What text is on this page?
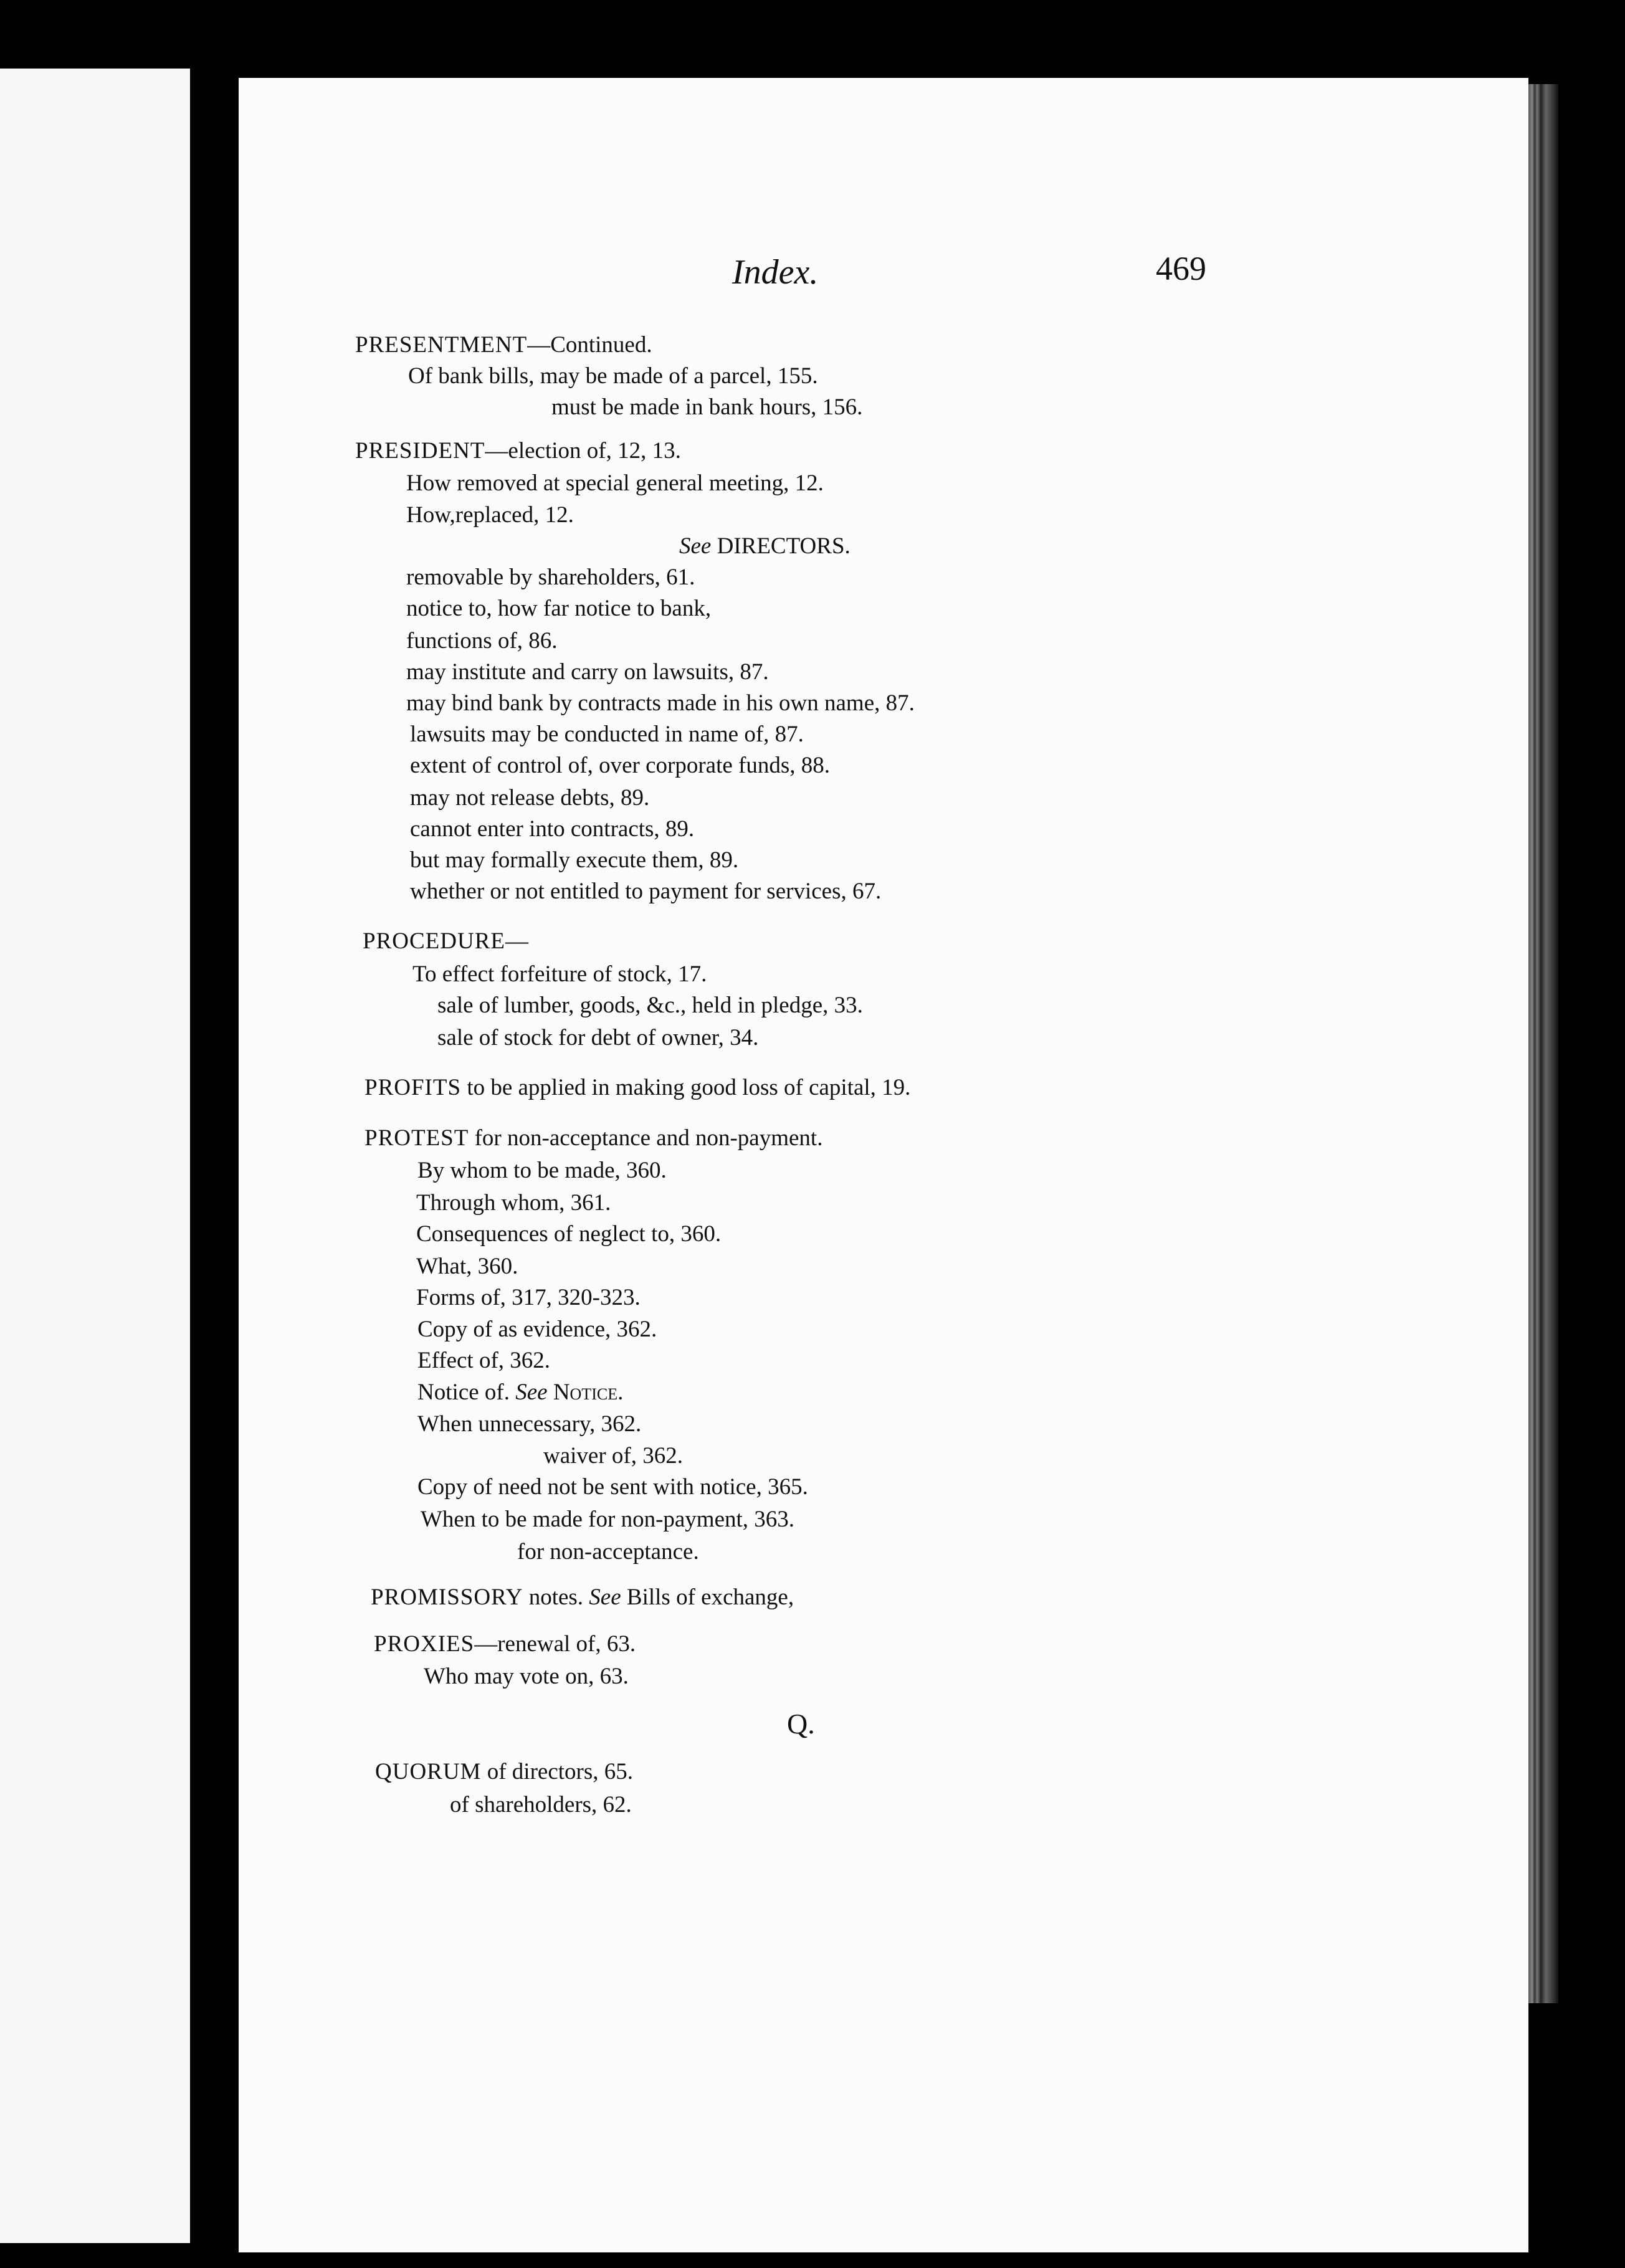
Index.	469
PRESENTMENT—Continued.
Of bank bills, may be made of a parcel, 155.
must be made in bank hours, 156.
PRESIDENT—election of, 12, 13.
How removed at special general meeting, 12.
How,replaced, 12.
See DIRECTORS.
removable by shareholders, 61.
notice to, how far notice to bank,
functions of, 86.
may institute and carry on lawsuits, 87.
may bind bank by contracts made in his own name, 87.
lawsuits may be conducted in name of, 87.
extent of control of, over corporate funds, 88.
may not release debts, 89.
cannot enter into contracts, 89.
but may formally execute them, 89.
whether or not entitled to payment for services, 67.
PROCEDURE—
To effect forfeiture of stock, 17.
sale of lumber, goods, &c., held in pledge, 33.
sale of stock for debt of owner, 34.
PROFITS to be applied in making good loss of capital, 19.
PROTEST for non-acceptance and non-payment.
By whom to be made, 360.
Through whom, 361.
Consequences of neglect to, 360.
What, 360.
Forms of, 317, 320-323.
Copy of as evidence, 362.
Effect of, 362.
Notice of. See Notice.
When unnecessary, 362.
waiver of, 362.
Copy of need not be sent with notice, 365.
When to be made for non-payment, 363.
for non-acceptance.
PROMISSORY notes. See Bills of exchange,
PROXIES—renewal of, 63.
Who may vote on, 63.
Q.
QUORUM of directors, 65.
of shareholders, 62.
